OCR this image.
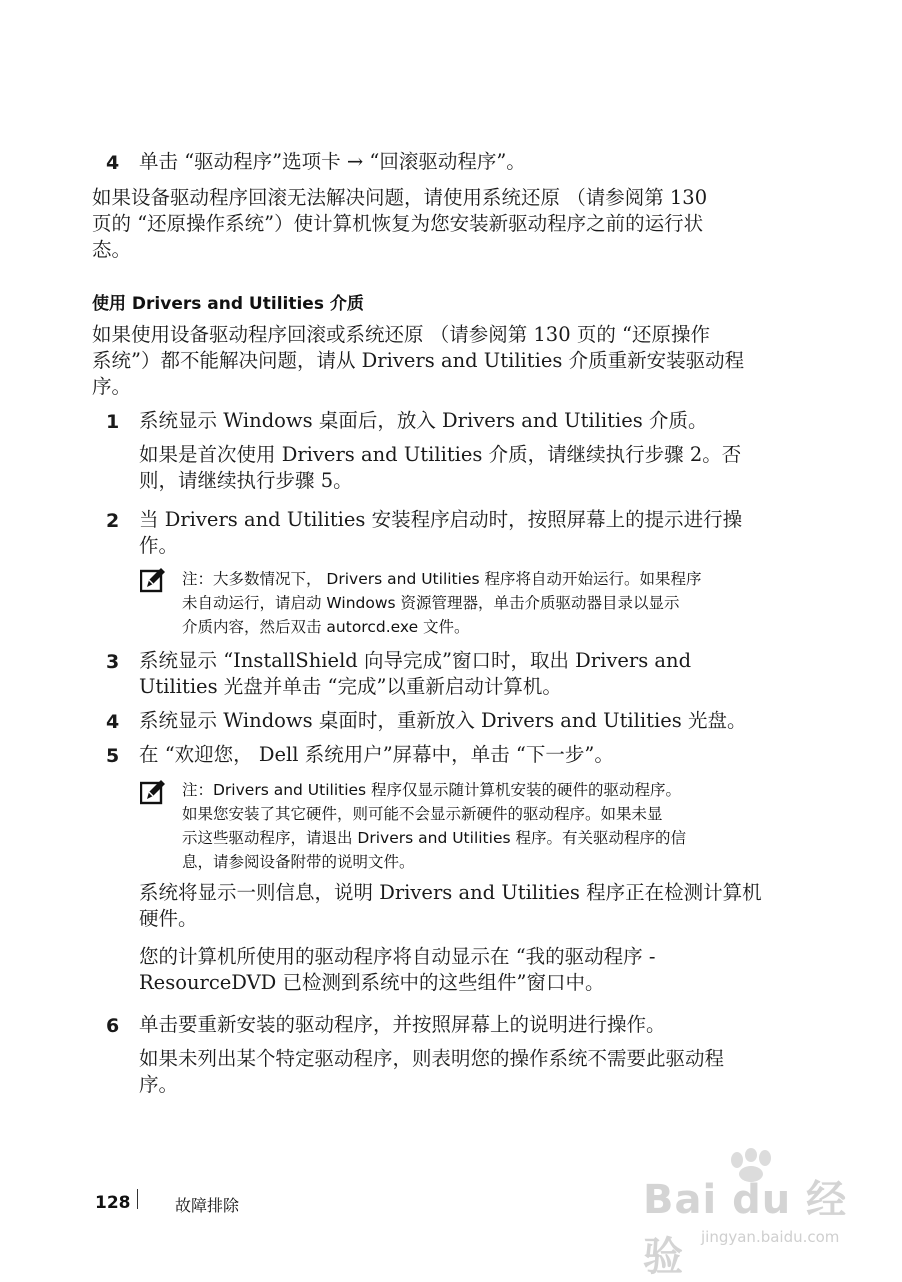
4 单击 “驱动程序”选项卡 → “回滚驱动程序”。

如果设备驱动程序回滚无法解决问题，请使用系统还原 （请参阅第 130

页的 “还原操作系统”）使计算机恢复为您安装新驱动程序之前的运行状

态。

使用 Drivers and Utilities 介质

如果使用设备驱动程序回滚或系统还原 （请参阅第 130 页的 “还原操作

系统”）都不能解决问题，请从 Drivers and Utilities 介质重新安装驱动程

序。

1 系统显示 Windows 桌面后，放入 Drivers and Utilities 介质。

如果是首次使用 Drivers and Utilities 介质，请继续执行步骤 2。否

则，请继续执行步骤 5。

2 当 Drivers and Utilities 安装程序启动时，按照屏幕上的提示进行操

作。

注：大多数情况下， Drivers and Utilities 程序将自动开始运行。如果程序

未自动运行，请启动 Windows 资源管理器，单击介质驱动器目录以显示

介质内容，然后双击 autorcd.exe 文件。

3 系统显示 “InstallShield 向导完成”窗口时，取出 Drivers and

Utilities 光盘并单击 “完成”以重新启动计算机。

4 系统显示 Windows 桌面时，重新放入 Drivers and Utilities 光盘。

5 在 “欢迎您， Dell 系统用户”屏幕中，单击 “下一步”。

注：Drivers and Utilities 程序仅显示随计算机安装的硬件的驱动程序。

如果您安装了其它硬件，则可能不会显示新硬件的驱动程序。如果未显

示这些驱动程序，请退出 Drivers and Utilities 程序。有关驱动程序的信

息，请参阅设备附带的说明文件。

系统将显示一则信息，说明 Drivers and Utilities 程序正在检测计算机

硬件。

您的计算机所使用的驱动程序将自动显示在 “我的驱动程序 -

ResourceDVD 已检测到系统中的这些组件”窗口中。

6 单击要重新安装的驱动程序，并按照屏幕上的说明进行操作。

如果未列出某个特定驱动程序，则表明您的操作系统不需要此驱动程

序。

128	故障排除	Bai du 经验	jingyan.baidu.com
